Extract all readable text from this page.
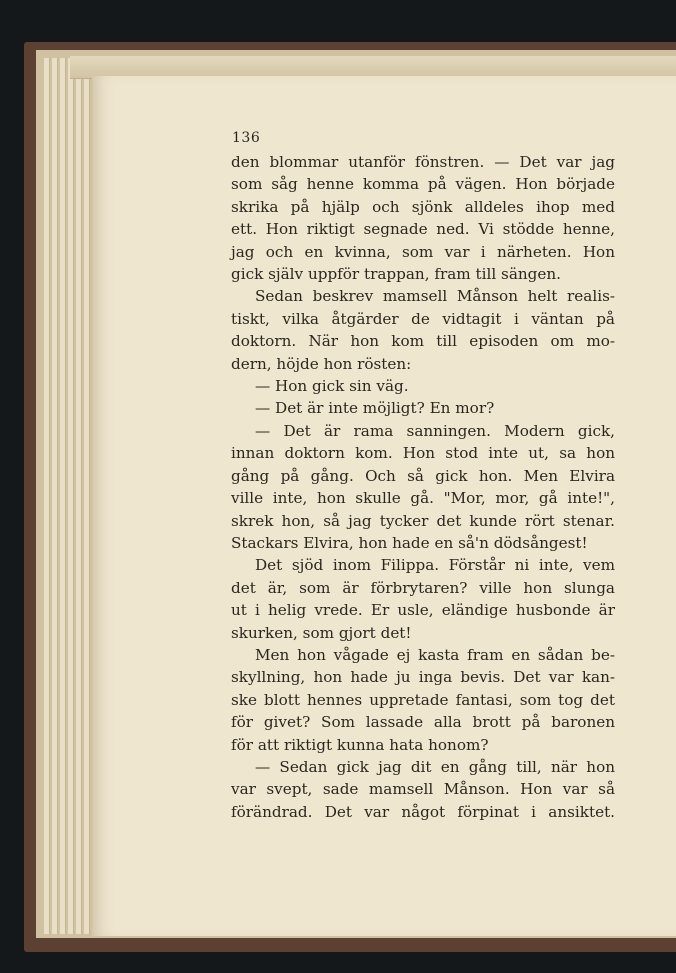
136
den blommar utanför fönstren. — Det var jag
som såg henne komma på vägen. Hon började
skrika på hjälp och sjönk alldeles ihop med
ett. Hon riktigt segnade ned. Vi stödde henne,
jag och en kvinna, som var i närheten. Hon
gick själv uppför trappan, fram till sängen.
Sedan beskrev mamsell Månson helt realis-
tiskt, vilka åtgärder de vidtagit i väntan på
doktorn. När hon kom till episoden om mo-
dern, höjde hon rösten:
— Hon gick sin väg.
— Det är inte möjligt? En mor?
— Det är rama sanningen. Modern gick,
innan doktorn kom. Hon stod inte ut, sa hon
gång på gång. Och så gick hon. Men Elvira
ville inte, hon skulle gå. "Mor, mor, gå inte!",
skrek hon, så jag tycker det kunde rört stenar.
Stackars Elvira, hon hade en så'n dödsångest!
Det sjöd inom Filippa. Förstår ni inte, vem
det är, som är förbrytaren? ville hon slunga
ut i helig vrede. Er usle, eländige husbonde är
skurken, som gjort det!
Men hon vågade ej kasta fram en sådan be-
skyllning, hon hade ju inga bevis. Det var kan-
ske blott hennes uppretade fantasi, som tog det
för givet? Som lassade alla brott på baronen
för att riktigt kunna hata honom?
— Sedan gick jag dit en gång till, när hon
var svept, sade mamsell Månson. Hon var så
förändrad. Det var något förpinat i ansiktet.
